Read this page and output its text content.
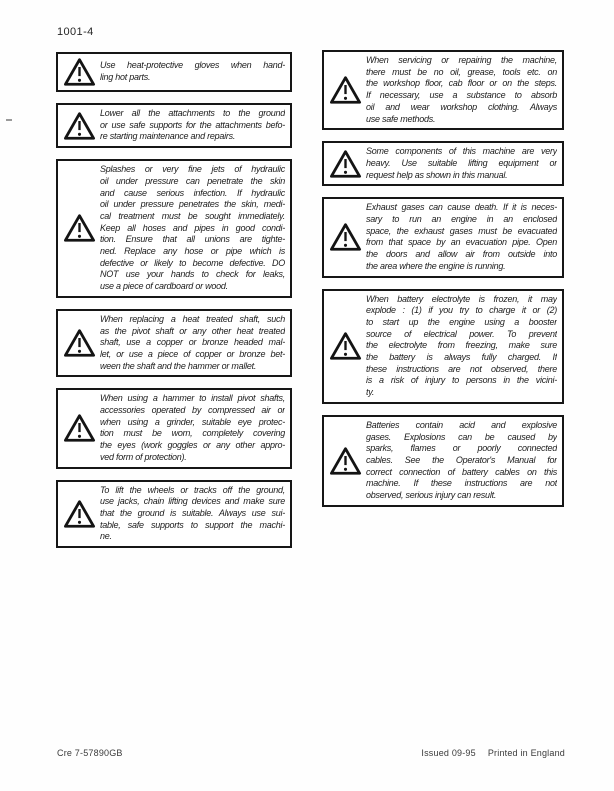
1001-4
Use heat-protective gloves when hand-
ling hot parts.
Lower all the attachments to the ground
or use safe supports for the attachments befo-
re starting maintenance and repairs.
Splashes or very fine jets of hydraulic
oil under pressure can penetrate the skin
and cause serious infection. If hydraulic
oil under pressure penetrates the skin, medi-
cal treatment must be sought immediately.
Keep all hoses and pipes in good condi-
tion. Ensure that all unions are tighte-
ned. Replace any hose or pipe which is
defective or likely to become defective. DO
NOT use your hands to check for leaks,
use a piece of cardboard or wood.
When replacing a heat treated shaft, such
as the pivot shaft or any other heat treated
shaft, use a copper or bronze headed mal-
let, or use a piece of copper or bronze bet-
ween the shaft and the hammer or mallet.
When using a hammer to install pivot shafts,
accessories operated by compressed air or
when using a grinder, suitable eye protec-
tion must be worn, completely covering
the eyes (work goggles or any other appro-
ved form of protection).
To lift the wheels or tracks off the ground,
use jacks, chain lifting devices and make sure
that the ground is suitable. Always use sui-
table, safe supports to support the machi-
ne.
When servicing or repairing the machine,
there must be no oil, grease, tools etc. on
the workshop floor, cab floor or on the steps.
If necessary, use a substance to absorb
oil and wear workshop clothing. Always
use safe methods.
Some components of this machine are very
heavy. Use suitable lifting equipment or
request help as shown in this manual.
Exhaust gases can cause death. If it is neces-
sary to run an engine in an enclosed
space, the exhaust gases must be evacuated
from that space by an evacuation pipe. Open
the doors and allow air from outside into
the area where the engine is running.
When battery electrolyte is frozen, it may
explode : (1) if you try to charge it or (2)
to start up the engine using a booster
source of electrical power. To prevent
the electrolyte from freezing, make sure
the battery is always fully charged. If
these instructions are not observed, there
is a risk of injury to persons in the vicini-
ty.
Batteries contain acid and explosive
gases. Explosions can be caused by
sparks, flames or poorly connected
cables. See the Operator's Manual for
correct connection of battery cables on this
machine. If these instructions are not
observed, serious injury can result.
Cre 7-57890GB	Issued 09-95 Printed in England
